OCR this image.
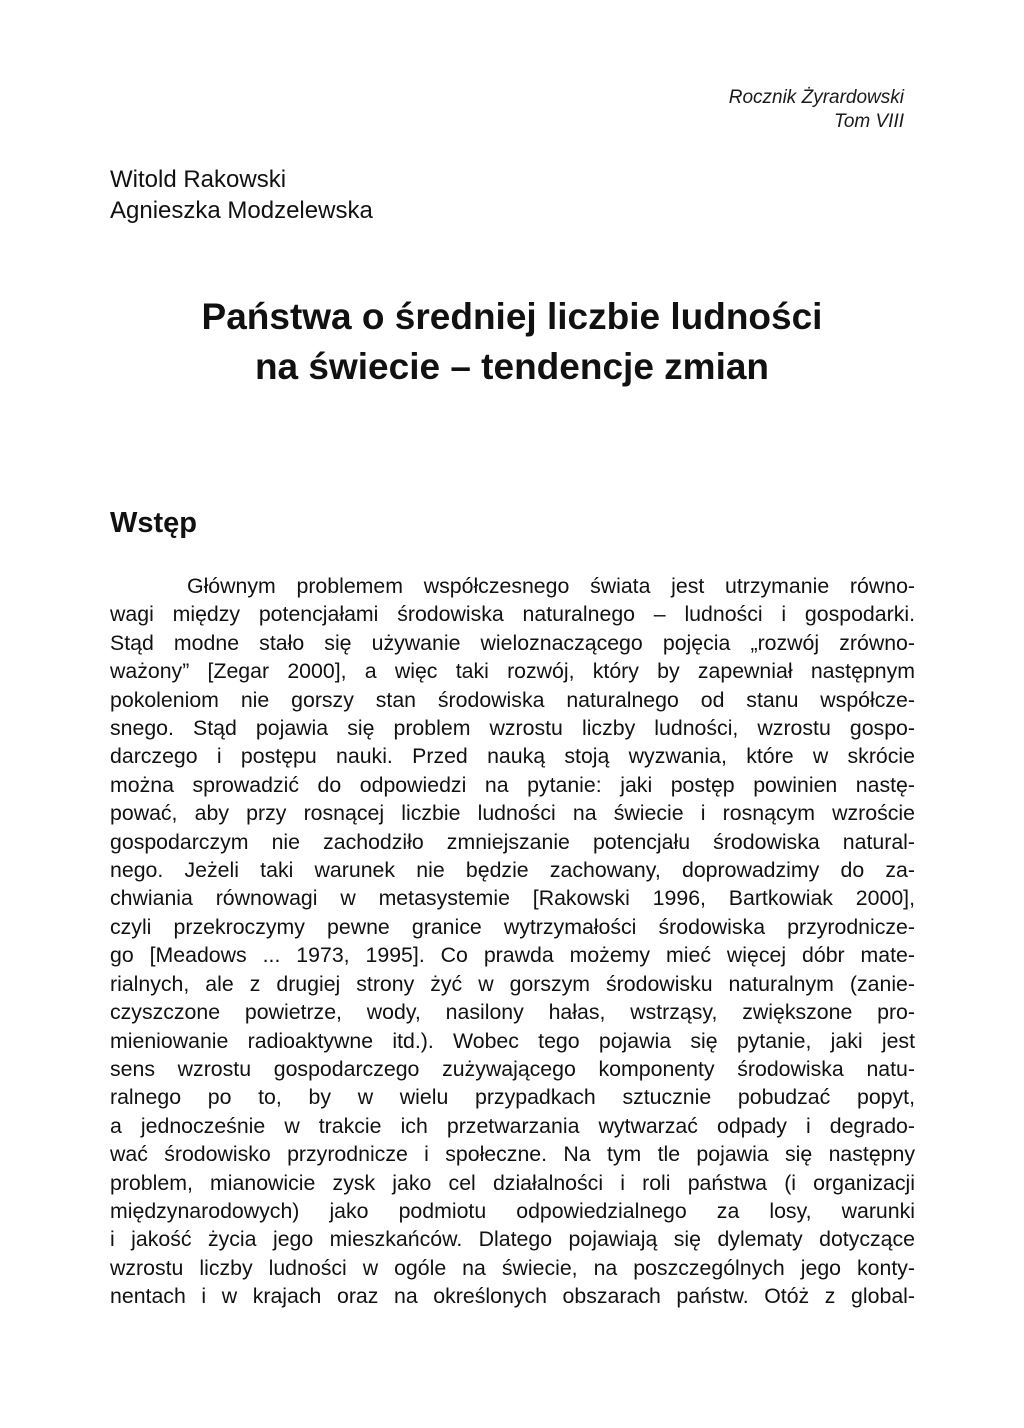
Rocznik Żyrardowski
Tom VIII
Witold Rakowski
Agnieszka Modzelewska
Państwa o średniej liczbie ludności
na świecie – tendencje zmian
Wstęp
Głównym problemem współczesnego świata jest utrzymanie równo-
wagi między potencjałami środowiska naturalnego – ludności i gospodarki.
Stąd modne stało się używanie wieloznaczącego pojęcia „rozwój zrówno-
ważony” [Zegar 2000], a więc taki rozwój, który by zapewniał następnym
pokoleniom nie gorszy stan środowiska naturalnego od stanu współcze-
snego. Stąd pojawia się problem wzrostu liczby ludności, wzrostu gospo-
darczego i postępu nauki. Przed nauką stoją wyzwania, które w skrócie
można sprowadzić do odpowiedzi na pytanie: jaki postęp powinien nastę-
pować, aby przy rosnącej liczbie ludności na świecie i rosnącym wzroście
gospodarczym nie zachodziło zmniejszanie potencjału środowiska natural-
nego. Jeżeli taki warunek nie będzie zachowany, doprowadzimy do za-
chwiania równowagi w metasystemie [Rakowski 1996, Bartkowiak 2000],
czyli przekroczymy pewne granice wytrzymałości środowiska przyrodnicze-
go [Meadows ... 1973, 1995]. Co prawda możemy mieć więcej dóbr mate-
rialnych, ale z drugiej strony żyć w gorszym środowisku naturalnym (zanie-
czyszczone powietrze, wody, nasilony hałas, wstrząsy, zwiększone pro-
mieniowanie radioaktywne itd.). Wobec tego pojawia się pytanie, jaki jest
sens wzrostu gospodarczego zużywającego komponenty środowiska natu-
ralnego po to, by w wielu przypadkach sztucznie pobudzać popyt,
a jednocześnie w trakcie ich przetwarzania wytwarzać odpady i degrado-
wać środowisko przyrodnicze i społeczne. Na tym tle pojawia się następny
problem, mianowicie zysk jako cel działalności i roli państwa (i organizacji
międzynarodowych) jako podmiotu odpowiedzialnego za losy, warunki
i jakość życia jego mieszkańców. Dlatego pojawiają się dylematy dotyczące
wzrostu liczby ludności w ogóle na świecie, na poszczególnych jego konty-
nentach i w krajach oraz na określonych obszarach państw. Otóż z global-
